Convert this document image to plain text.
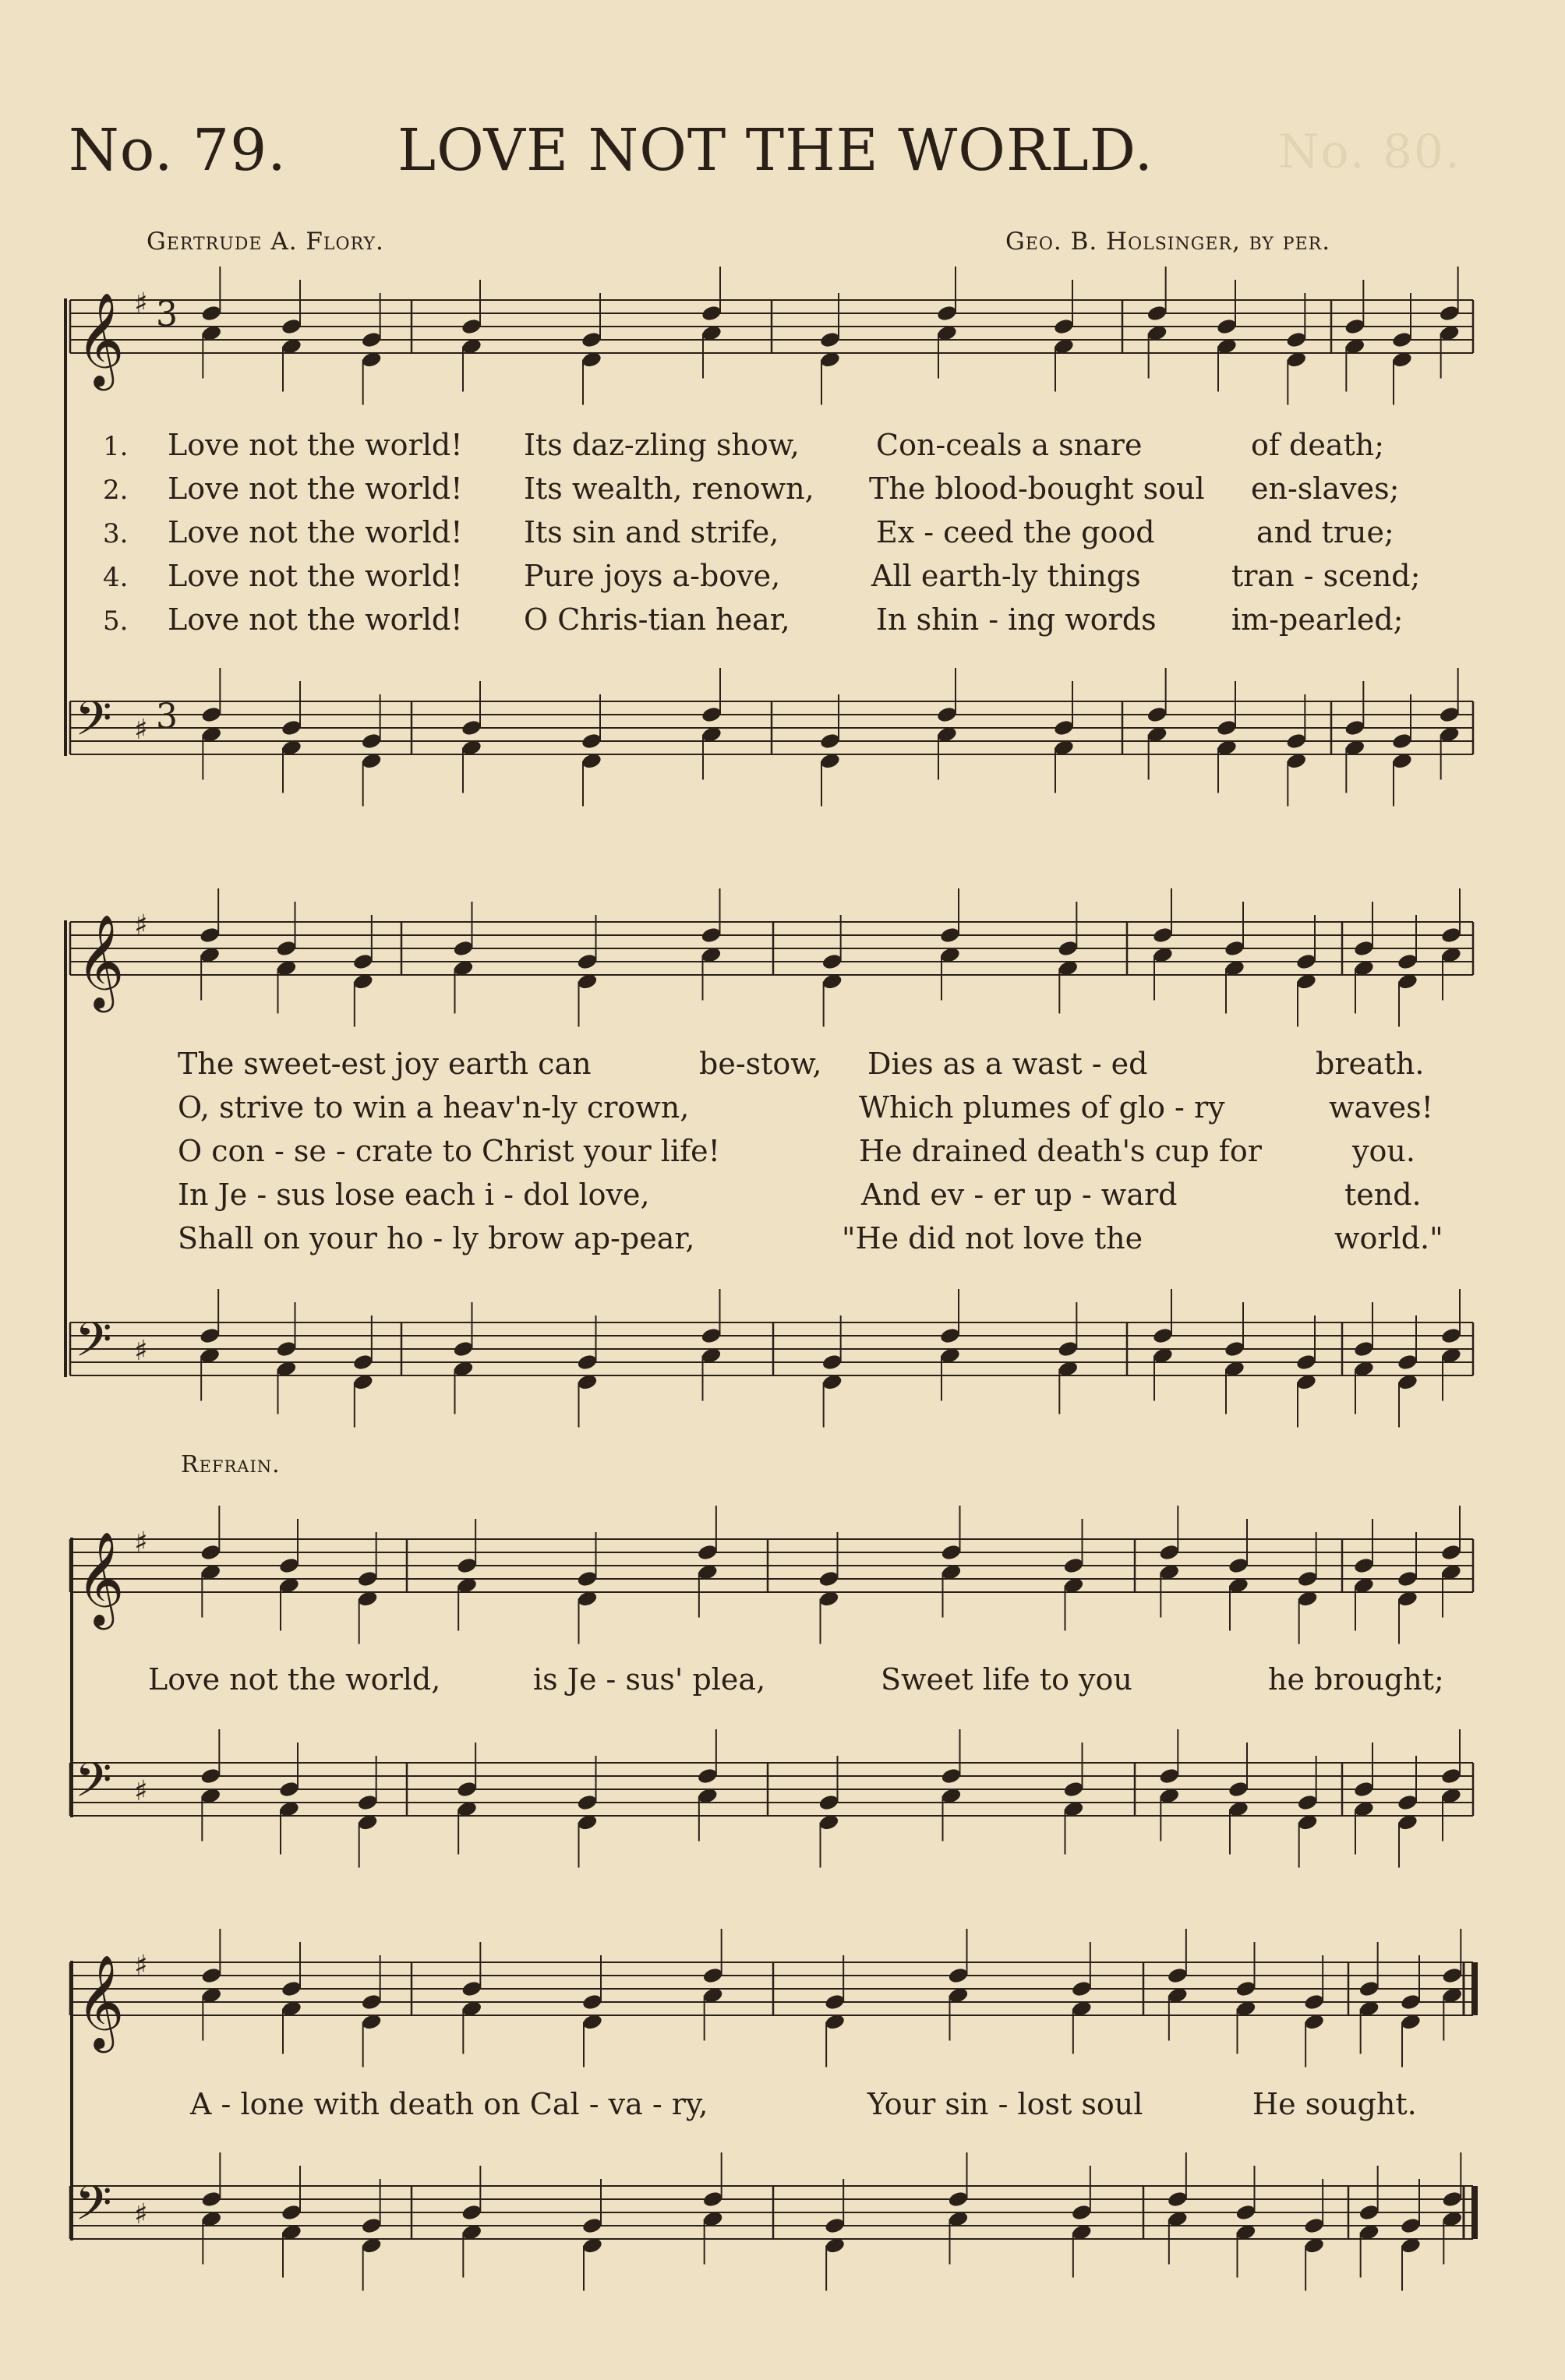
No. 80.
No. 79. LOVE NOT THE WORLD.
Gertrude A. Flory.	Geo. B. Holsinger, by per.
𝄞 ♯
𝄢 ♯
𝄞 ♯
𝄢 ♯
𝄞 ♯
𝄢 ♯
𝄞 ♯
𝄢 ♯
3
3
1. Love not the world! Its daz-zling show,	Con-ceals a snare	of death;
2. Love not the world! Its wealth, renown, The blood-bought soul en-slaves;
3. Love not the world! Its sin and strife,	Ex - ceed the good	and true;
4. Love not the world! Pure joys a-bove,	All earth-ly things	tran - scend;
5. Love not the world! O Chris-tian hear,	In shin - ing words	im-pearled;
The sweet-est joy earth can	be-stow, Dies as a wast - ed	breath.
O, strive to win a heav'n-ly crown,	Which plumes of glo - ry	waves!
O con - se - crate to Christ your life!	He drained death's cup for	you.
In Je - sus lose each i - dol love,	And ev - er up - ward	tend.
Shall on your ho - ly brow ap-pear,	"He did not love the	world."
Refrain.
Love not the world,	is Je - sus' plea,	Sweet life to you	he brought;
A - lone with death on Cal - va - ry,	Your sin - lost soul	He sought.
